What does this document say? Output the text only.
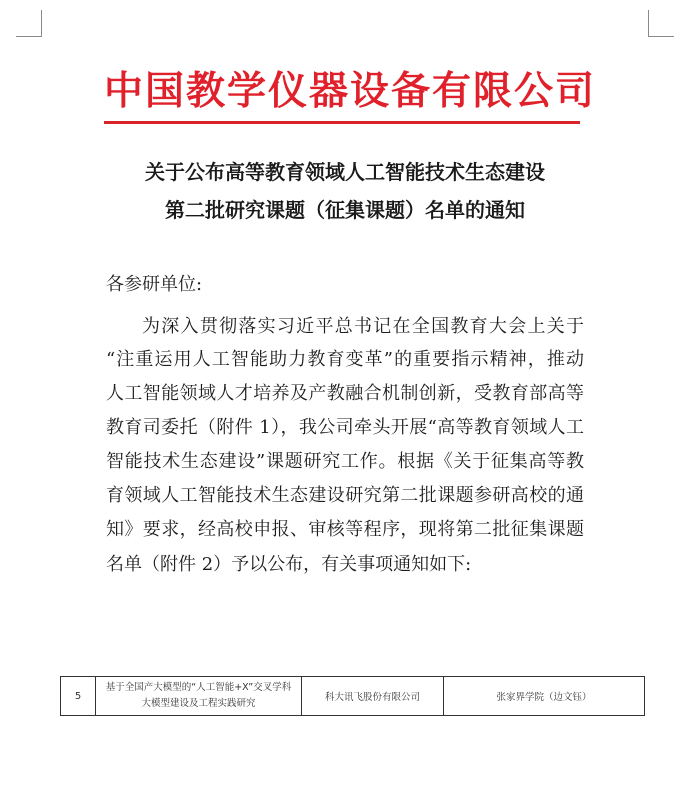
中国教学仪器设备有限公司
关于公布高等教育领域人工智能技术生态建设
第二批研究课题（征集课题）名单的通知
各参研单位:
为深入贯彻落实习近平总书记在全国教育大会上关于
“注重运用人工智能助力教育变革”的重要指示精神，推动
人工智能领域人才培养及产教融合机制创新，受教育部高等
教育司委托（附件 1），我公司牵头开展“高等教育领域人工
智能技术生态建设”课题研究工作。根据《关于征集高等教
育领域人工智能技术生态建设研究第二批课题参研高校的通
知》要求，经高校申报、审核等程序，现将第二批征集课题
名单（附件 2）予以公布，有关事项通知如下:
5
基于全国产大模型的“人工智能+X”交叉学科大模型建设及工程实践研究
科大讯飞股份有限公司	张家界学院（边文钰）
